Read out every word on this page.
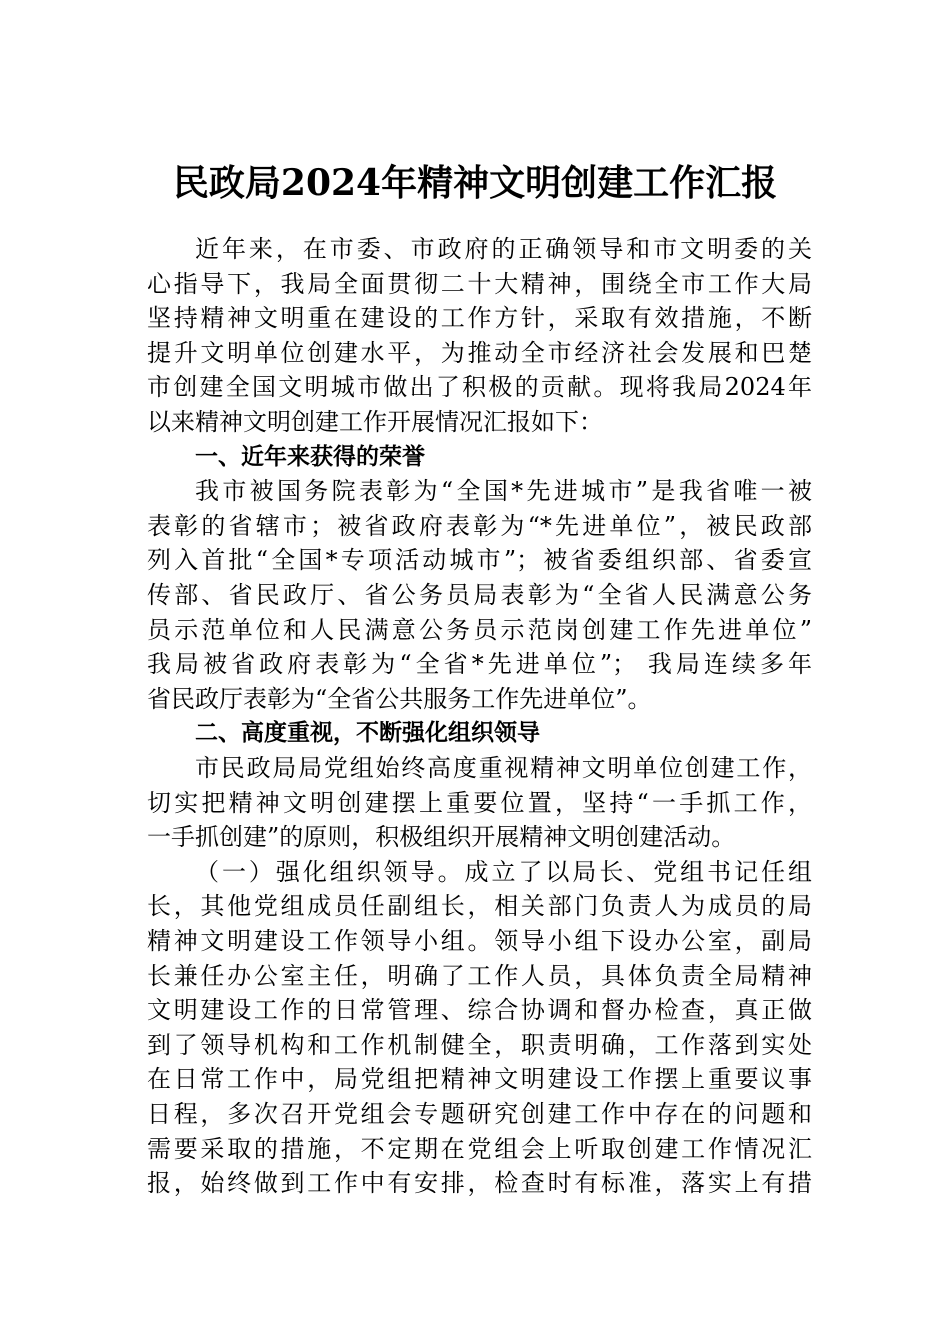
民政局2024年精神文明创建工作汇报
近年来，在市委、市政府的正确领导和市文明委的关
心指导下，我局全面贯彻二十大精神，围绕全市工作大局
坚持精神文明重在建设的工作方针，采取有效措施，不断
提升文明单位创建水平，为推动全市经济社会发展和巴楚
市创建全国文明城市做出了积极的贡献。现将我局2024年
以来精神文明创建工作开展情况汇报如下：
一、近年来获得的荣誉
我市被国务院表彰为“全国*先进城市”是我省唯一被
表彰的省辖市；被省政府表彰为“*先进单位”，被民政部
列入首批“全国*专项活动城市”；被省委组织部、省委宣
传部、省民政厅、省公务员局表彰为“全省人民满意公务
员示范单位和人民满意公务员示范岗创建工作先进单位”
我局被省政府表彰为“全省*先进单位”； 我局连续多年
省民政厅表彰为“全省公共服务工作先进单位”。
二、高度重视，不断强化组织领导
市民政局局党组始终高度重视精神文明单位创建工作，
切实把精神文明创建摆上重要位置，坚持“一手抓工作，
一手抓创建”的原则，积极组织开展精神文明创建活动。
（一）强化组织领导。成立了以局长、党组书记任组
长，其他党组成员任副组长，相关部门负责人为成员的局
精神文明建设工作领导小组。领导小组下设办公室，副局
长兼任办公室主任，明确了工作人员，具体负责全局精神
文明建设工作的日常管理、综合协调和督办检查，真正做
到了领导机构和工作机制健全，职责明确，工作落到实处
在日常工作中，局党组把精神文明建设工作摆上重要议事
日程，多次召开党组会专题研究创建工作中存在的问题和
需要采取的措施，不定期在党组会上听取创建工作情况汇
报，始终做到工作中有安排，检查时有标准，落实上有措
